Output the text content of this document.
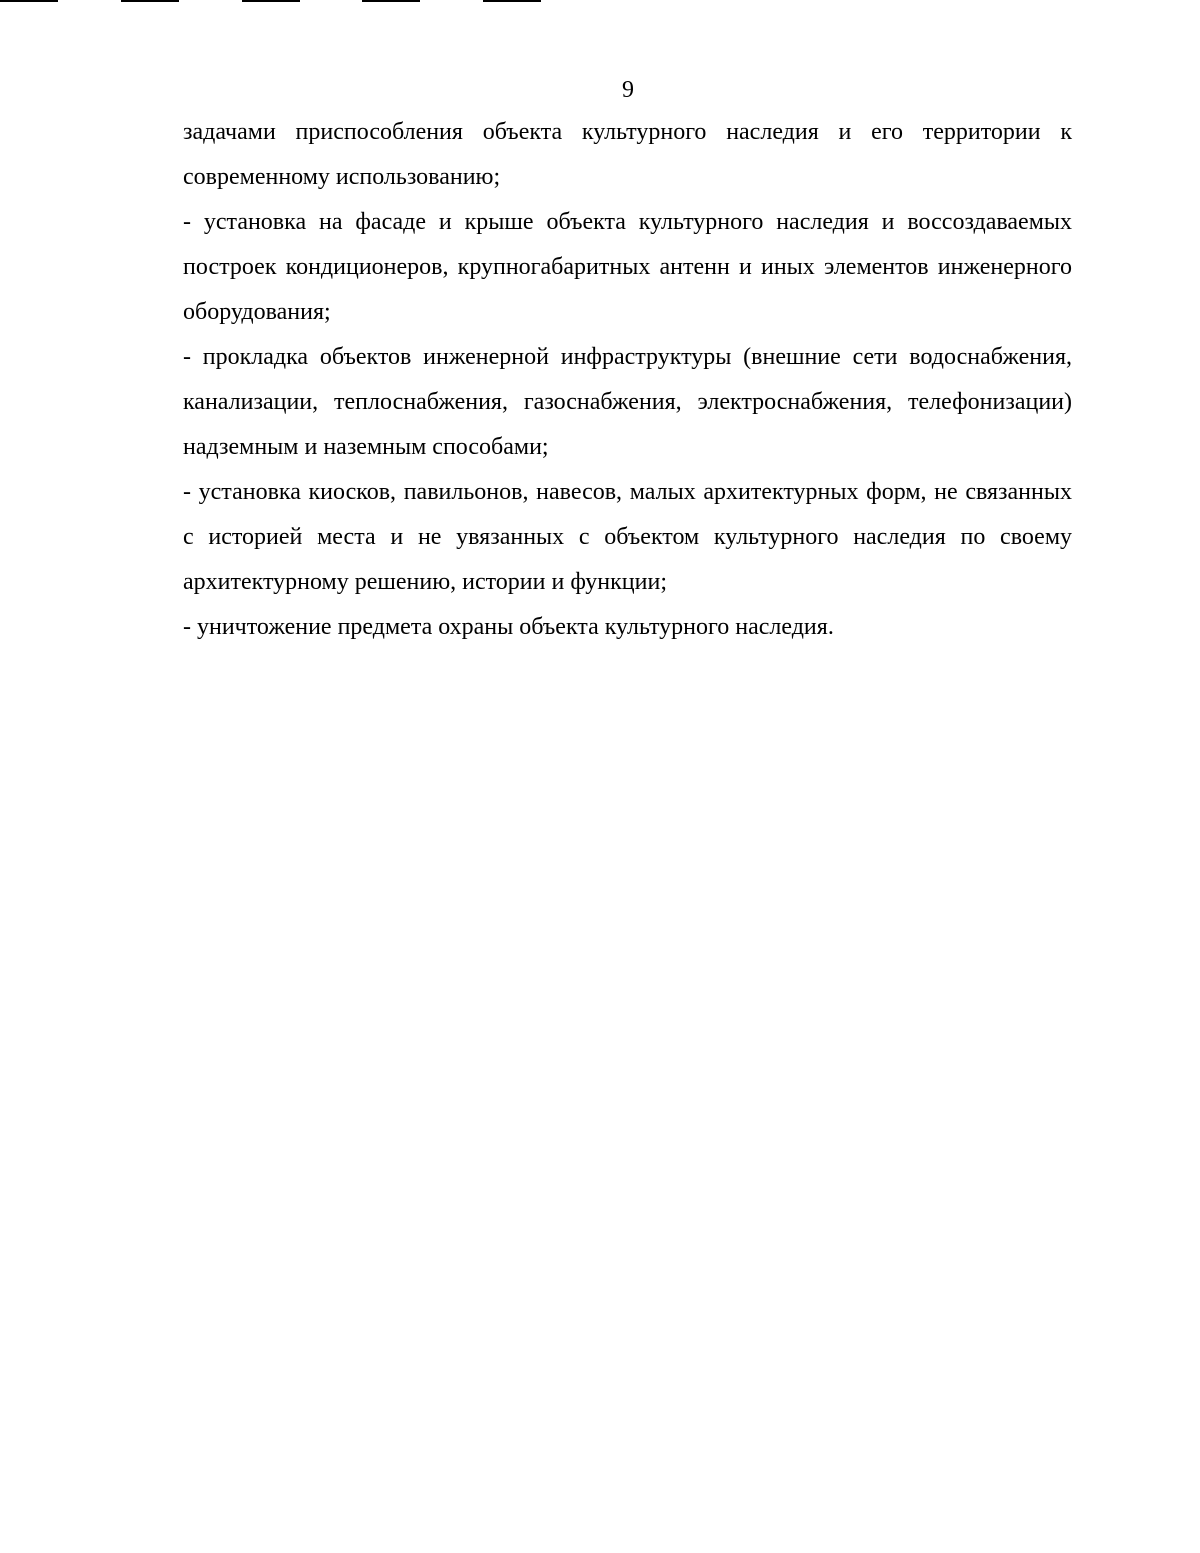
9

задачами приспособления объекта культурного наследия и его территории к современному использованию;

- установка на фасаде и крыше объекта культурного наследия и воссоздаваемых построек кондиционеров, крупногабаритных антенн и иных элементов инженерного оборудования;

- прокладка объектов инженерной инфраструктуры (внешние сети водоснабжения, канализации, теплоснабжения, газоснабжения, электроснабжения, телефонизации) надземным и наземным способами;

- установка киосков, павильонов, навесов, малых архитектурных форм, не связанных с историей места и не увязанных с объектом культурного наследия по своему архитектурному решению, истории и функции;

- уничтожение предмета охраны объекта культурного наследия.
